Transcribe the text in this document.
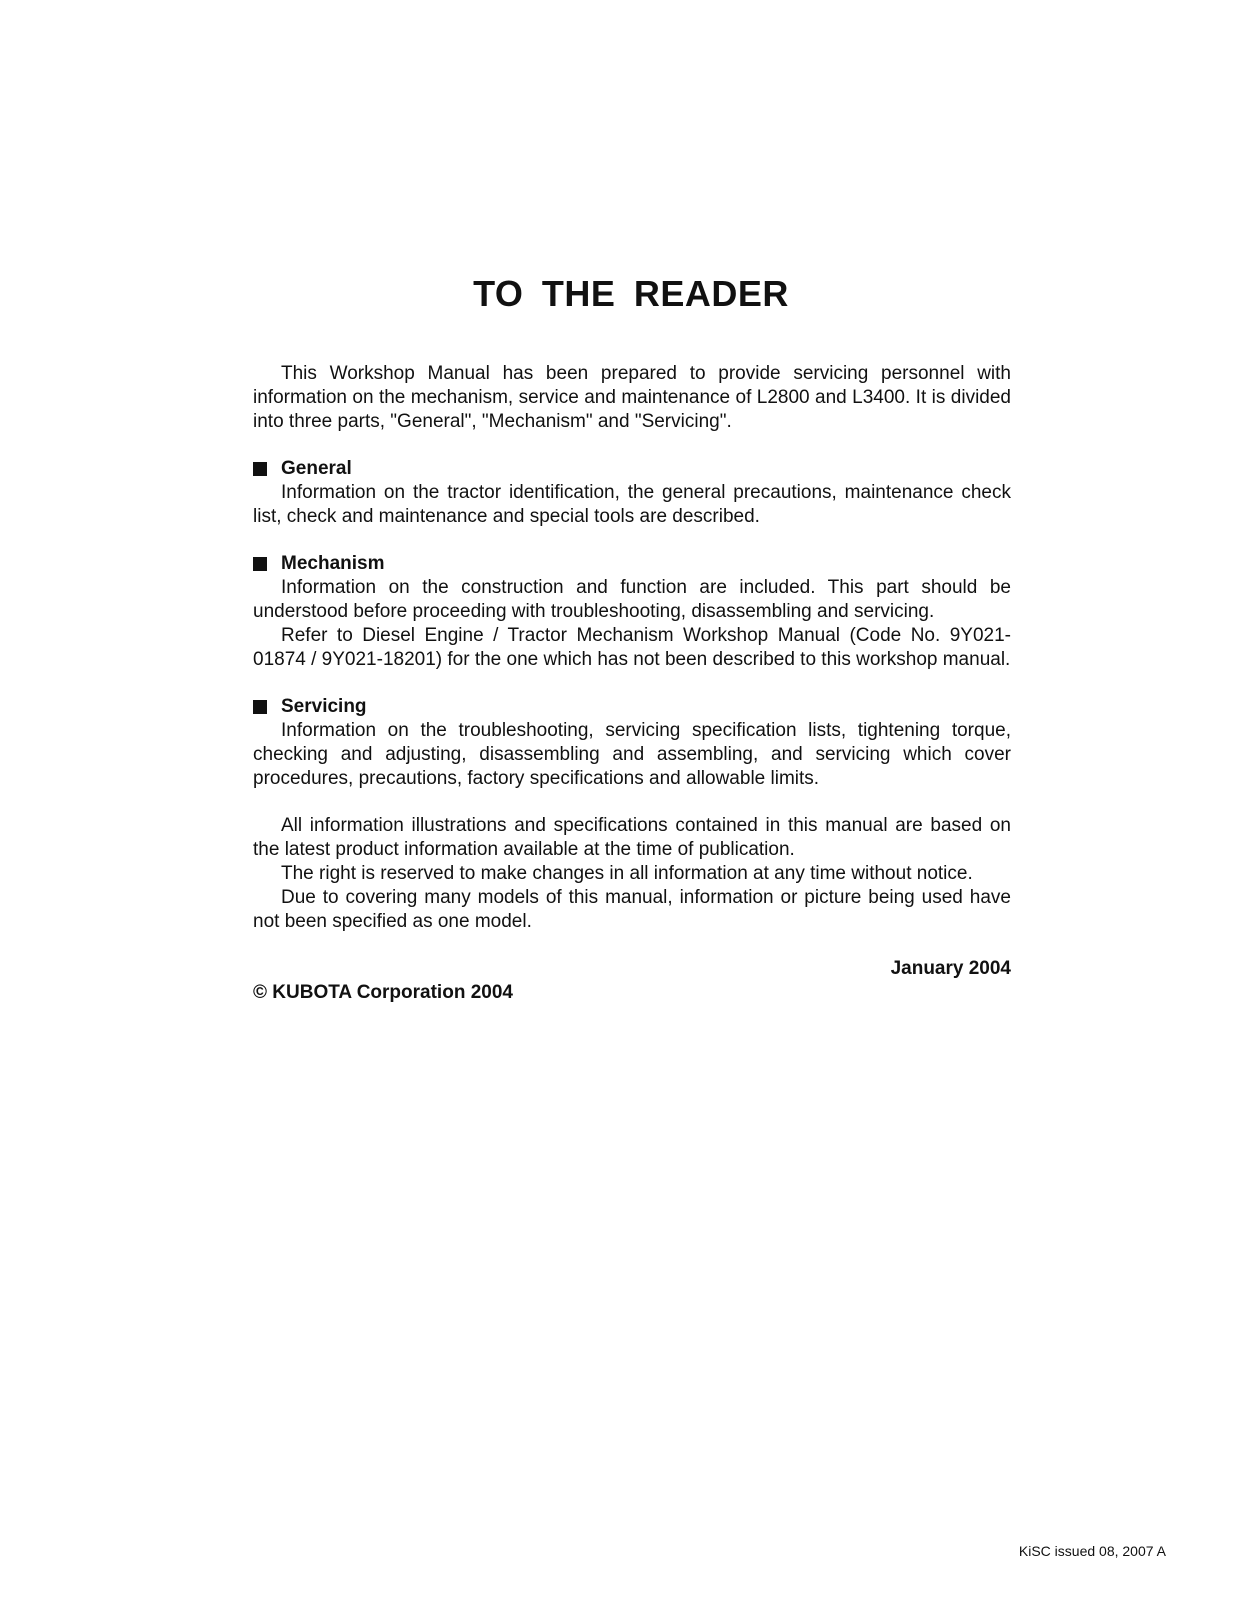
TO THE READER

This Workshop Manual has been prepared to provide servicing personnel with information on the mechanism, service and maintenance of L2800 and L3400. It is divided into three parts, "General", "Mechanism" and "Servicing".

General

Information on the tractor identification, the general precautions, maintenance check list, check and maintenance and special tools are described.

Mechanism

Information on the construction and function are included. This part should be understood before proceeding with troubleshooting, disassembling and servicing.

Refer to Diesel Engine / Tractor Mechanism Workshop Manual (Code No. 9Y021-01874 / 9Y021-18201) for the one which has not been described to this workshop manual.

Servicing

Information on the troubleshooting, servicing specification lists, tightening torque, checking and adjusting, disassembling and assembling, and servicing which cover procedures, precautions, factory specifications and allowable limits.

All information illustrations and specifications contained in this manual are based on the latest product information available at the time of publication.

The right is reserved to make changes in all information at any time without notice.

Due to covering many models of this manual, information or picture being used have not been specified as one model.

January 2004

© KUBOTA Corporation 2004

KiSC issued 08, 2007 A
